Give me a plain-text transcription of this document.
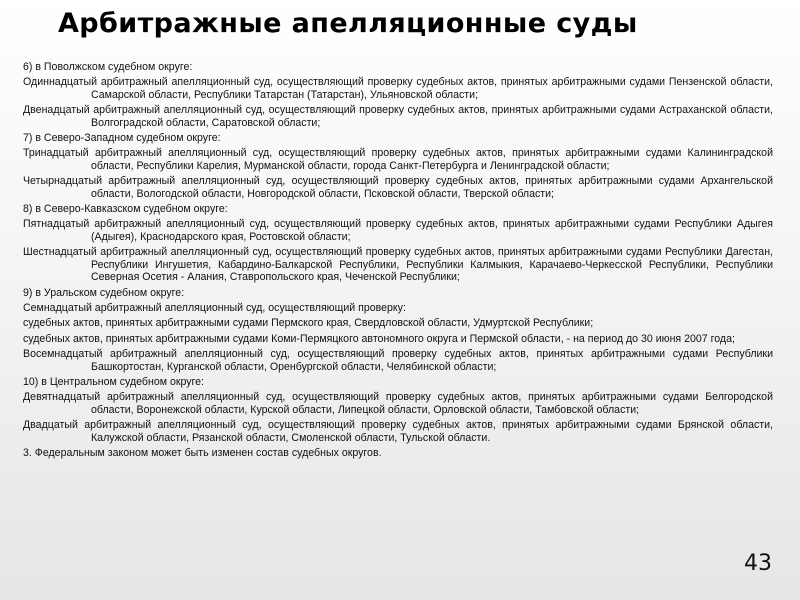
Арбитражные апелляционные суды

6) в Поволжском судебном округе:

Одиннадцатый арбитражный апелляционный суд, осуществляющий проверку судебных актов, принятых арбитражными судами Пензенской области, Самарской области, Республики Татарстан (Татарстан), Ульяновской области;

Двенадцатый арбитражный апелляционный суд, осуществляющий проверку судебных актов, принятых арбитражными судами Астраханской области, Волгоградской области, Саратовской области;

7) в Северо-Западном судебном округе:

Тринадцатый арбитражный апелляционный суд, осуществляющий проверку судебных актов, принятых арбитражными судами Калининградской области, Республики Карелия, Мурманской области, города Санкт-Петербурга и Ленинградской области;

Четырнадцатый арбитражный апелляционный суд, осуществляющий проверку судебных актов, принятых арбитражными судами Архангельской области, Вологодской области, Новгородской области, Псковской области, Тверской области;

8) в Северо-Кавказском судебном округе:

Пятнадцатый арбитражный апелляционный суд, осуществляющий проверку судебных актов, принятых арбитражными судами Республики Адыгея (Адыгея), Краснодарского края, Ростовской области;

Шестнадцатый арбитражный апелляционный суд, осуществляющий проверку судебных актов, принятых арбитражными судами Республики Дагестан, Республики Ингушетия, Кабардино-Балкарской Республики, Республики Калмыкия, Карачаево-Черкесской Республики, Республики Северная Осетия - Алания, Ставропольского края, Чеченской Республики;

9) в Уральском судебном округе:

Семнадцатый арбитражный апелляционный суд, осуществляющий проверку:

судебных актов, принятых арбитражными судами Пермского края, Свердловской области, Удмуртской Республики;

судебных актов, принятых арбитражными судами Коми-Пермяцкого автономного округа и Пермской области, - на период до 30 июня 2007 года;

Восемнадцатый арбитражный апелляционный суд, осуществляющий проверку судебных актов, принятых арбитражными судами Республики Башкортостан, Курганской области, Оренбургской области, Челябинской области;

10) в Центральном судебном округе:

Девятнадцатый арбитражный апелляционный суд, осуществляющий проверку судебных актов, принятых арбитражными судами Белгородской области, Воронежской области, Курской области, Липецкой области, Орловской области, Тамбовской области;

Двадцатый арбитражный апелляционный суд, осуществляющий проверку судебных актов, принятых арбитражными судами Брянской области, Калужской области, Рязанской области, Смоленской области, Тульской области.

3. Федеральным законом может быть изменен состав судебных округов.

43
